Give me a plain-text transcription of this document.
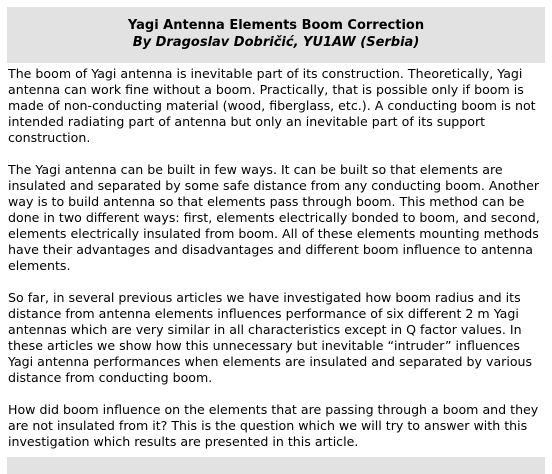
Yagi Antenna Elements Boom Correction

By Dragoslav Dobričić, YU1AW (Serbia)

The boom of Yagi antenna is inevitable part of its construction. Theoretically, Yagi antenna can work fine without a boom. Practically, that is possible only if boom is made of non-conducting material (wood, fiberglass, etc.). A conducting boom is not intended radiating part of antenna but only an inevitable part of its support construction.

The Yagi antenna can be built in few ways. It can be built so that elements are insulated and separated by some safe distance from any conducting boom. Another way is to build antenna so that elements pass through boom. This method can be done in two different ways: first, elements electrically bonded to boom, and second, elements electrically insulated from boom. All of these elements mounting methods have their advantages and disadvantages and different boom influence to antenna elements.

So far, in several previous articles we have investigated how boom radius and its distance from antenna elements influences performance of six different 2 m Yagi antennas which are very similar in all characteristics except in Q factor values. In these articles we show how this unnecessary but inevitable “intruder” influences Yagi antenna performances when elements are insulated and separated by various distance from conducting boom.

How did boom influence on the elements that are passing through a boom and they are not insulated from it? This is the question which we will try to answer with this investigation which results are presented in this article.
